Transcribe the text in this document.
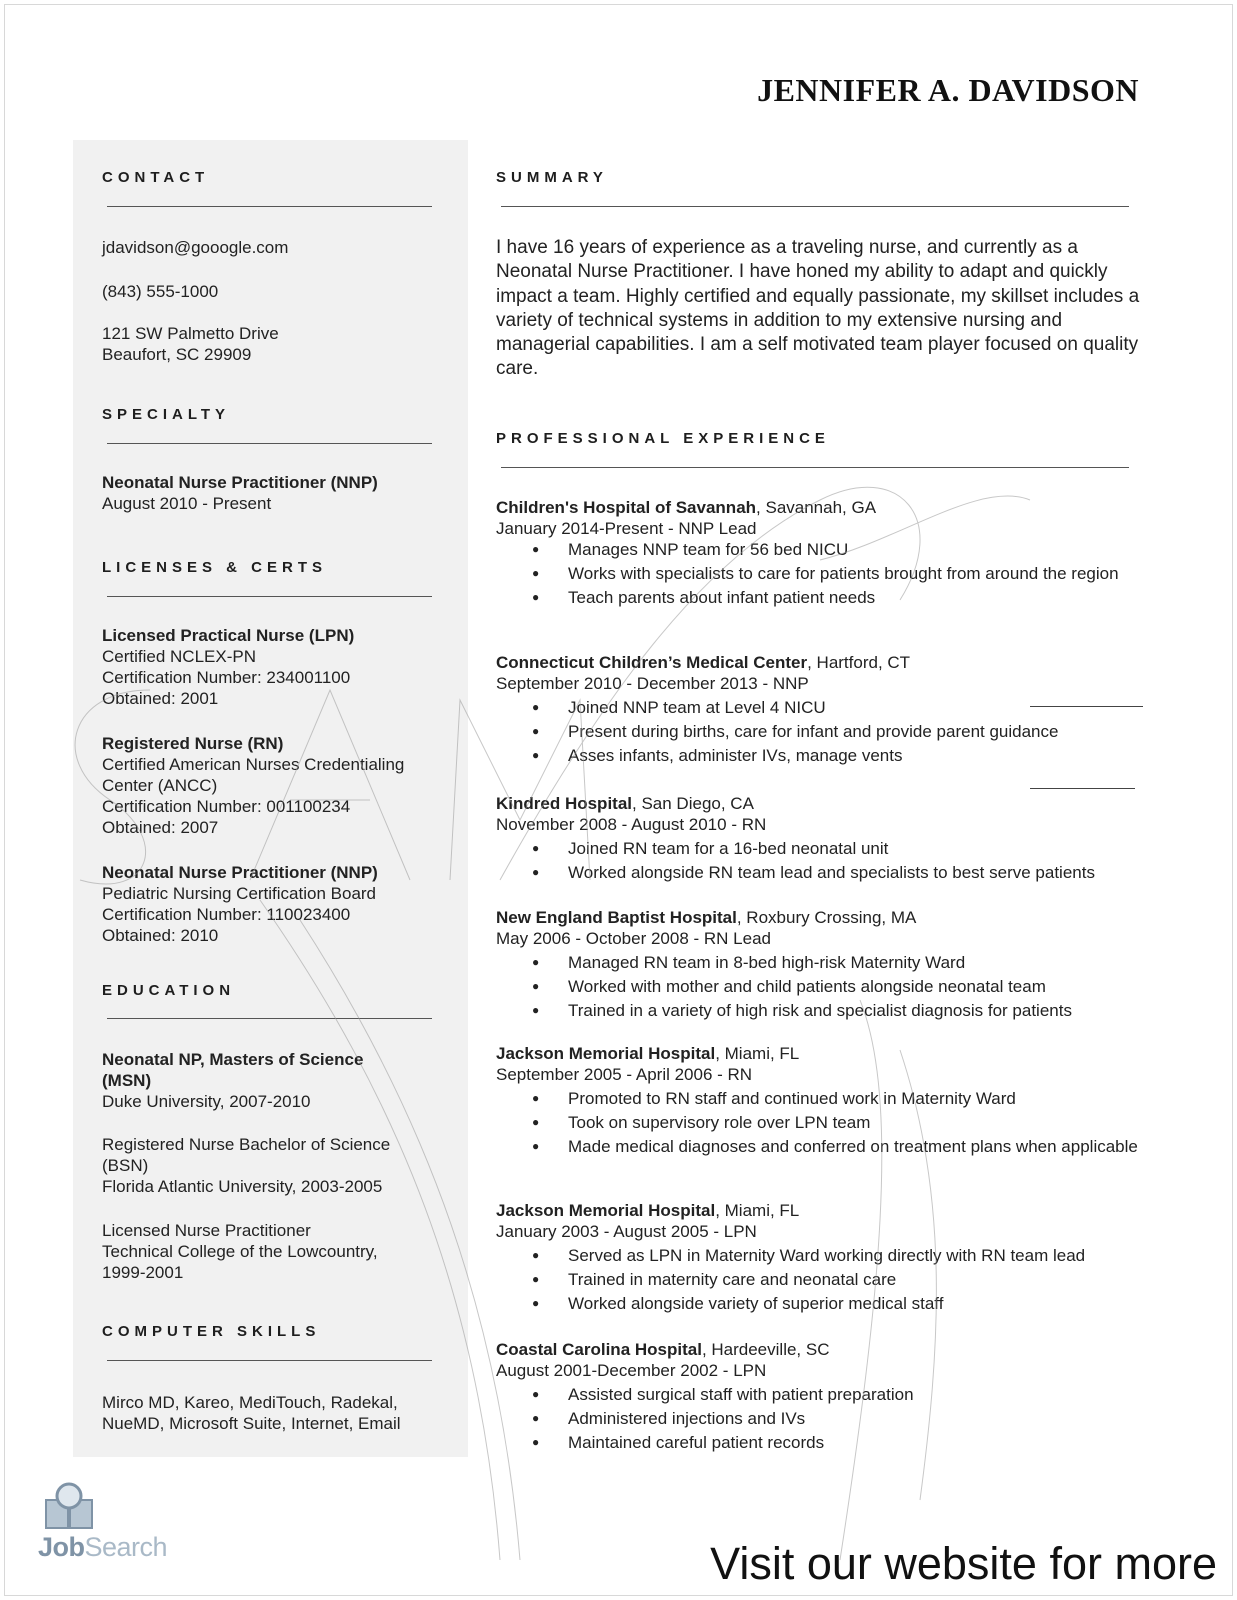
JENNIFER A. DAVIDSON
CONTACT
jdavidson@gooogle.com
(843) 555-1000

121 SW Palmetto Drive

Beaufort, SC 29909

SPECIALTY

Neonatal Nurse Practitioner (NNP)

August 2010 - Present

LICENSES & CERTS

Licensed Practical Nurse (LPN)

Certified NCLEX-PN

Certification Number: 234001100

Obtained: 2001

Registered Nurse (RN)

Certified American Nurses Credentialing

Center (ANCC)

Certification Number: 001100234

Obtained: 2007

Neonatal Nurse Practitioner (NNP)

Pediatric Nursing Certification Board

Certification Number: 110023400

Obtained: 2010

EDUCATION

Neonatal NP, Masters of Science

(MSN)

Duke University, 2007-2010

Registered Nurse Bachelor of Science

(BSN)

Florida Atlantic University, 2003-2005

Licensed Nurse Practitioner

Technical College of the Lowcountry,

1999-2001

COMPUTER SKILLS

Mirco MD, Kareo, MediTouch, Radekal,

NueMD, Microsoft Suite, Internet, Email

SUMMARY

I have 16 years of experience as a traveling nurse, and currently as a Neonatal Nurse Practitioner. I have honed my ability to adapt and quickly impact a team. Highly certified and equally passionate, my skillset includes a variety of technical systems in addition to my extensive nursing and managerial capabilities. I am a self motivated team player focused on quality care.

PROFESSIONAL EXPERIENCE

Children's Hospital of Savannah, Savannah, GA

January 2014-Present - NNP Lead

● Manages NNP team for 56 bed NICU
● Works with specialists to care for patients brought from around the region
● Teach parents about infant patient needs

Connecticut Children’s Medical Center, Hartford, CT

September 2010 - December 2013 - NNP

● Joined NNP team at Level 4 NICU
● Present during births, care for infant and provide parent guidance
● Asses infants, administer IVs, manage vents

Kindred Hospital, San Diego, CA

November 2008 - August 2010 - RN

● Joined RN team for a 16-bed neonatal unit
● Worked alongside RN team lead and specialists to best serve patients

New England Baptist Hospital, Roxbury Crossing, MA

May 2006 - October 2008 - RN Lead

● Managed RN team in 8-bed high-risk Maternity Ward
● Worked with mother and child patients alongside neonatal team
● Trained in a variety of high risk and specialist diagnosis for patients

Jackson Memorial Hospital, Miami, FL

September 2005 - April 2006 - RN

● Promoted to RN staff and continued work in Maternity Ward
● Took on supervisory role over LPN team
● Made medical diagnoses and conferred on treatment plans when applicable

Jackson Memorial Hospital, Miami, FL

January 2003 - August 2005 - LPN

● Served as LPN in Maternity Ward working directly with RN team lead
● Trained in maternity care and neonatal care
● Worked alongside variety of superior medical staff

Coastal Carolina Hospital, Hardeeville, SC

August 2001-December 2002 - LPN

● Assisted surgical staff with patient preparation
● Administered injections and IVs
● Maintained careful patient records
JobSearch	Visit our website for more
